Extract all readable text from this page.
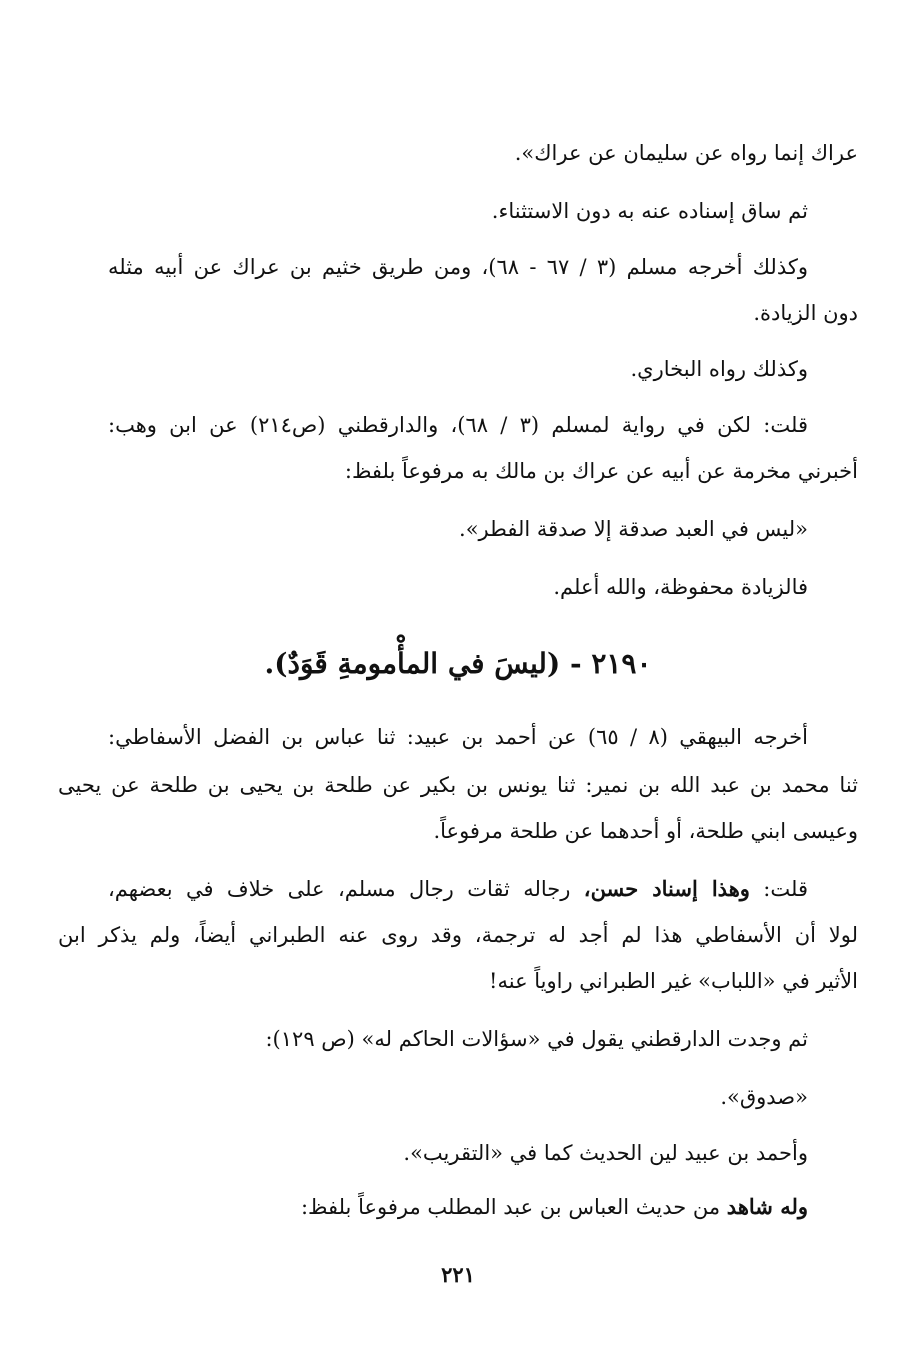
عراك إنما رواه عن سليمان عن عراك».
ثم ساق إسناده عنه به دون الاستثناء.
وكذلك أخرجه مسلم (٣ / ٦٧ - ٦٨)، ومن طريق خثيم بن عراك عن أبيه مثله
دون الزيادة.
وكذلك رواه البخاري.
قلت: لكن في رواية لمسلم (٣ / ٦٨)، والدارقطني (ص٢١٤) عن ابن وهب:
أخبرني مخرمة عن أبيه عن عراك بن مالك به مرفوعاً بلفظ:
«ليس في العبد صدقة إلا صدقة الفطر».
فالزيادة محفوظة، والله أعلم.
٢١٩٠ - (ليسَ في المأْمومةِ قَوَدٌ).
أخرجه البيهقي (٨ / ٦٥) عن أحمد بن عبيد: ثنا عباس بن الفضل الأسفاطي:
ثنا محمد بن عبد الله بن نمير: ثنا يونس بن بكير عن طلحة بن يحيى بن طلحة عن يحيى
وعيسى ابني طلحة، أو أحدهما عن طلحة مرفوعاً.
قلت: وهذا إسناد حسن، رجاله ثقات رجال مسلم، على خلاف في بعضهم،
لولا أن الأسفاطي هذا لم أجد له ترجمة، وقد روى عنه الطبراني أيضاً، ولم يذكر ابن
الأثير في «اللباب» غير الطبراني راوياً عنه!
ثم وجدت الدارقطني يقول في «سؤالات الحاكم له» (ص ١٢٩):
«صدوق».
وأحمد بن عبيد لين الحديث كما في «التقريب».
وله شاهد من حديث العباس بن عبد المطلب مرفوعاً بلفظ:
٢٢١
